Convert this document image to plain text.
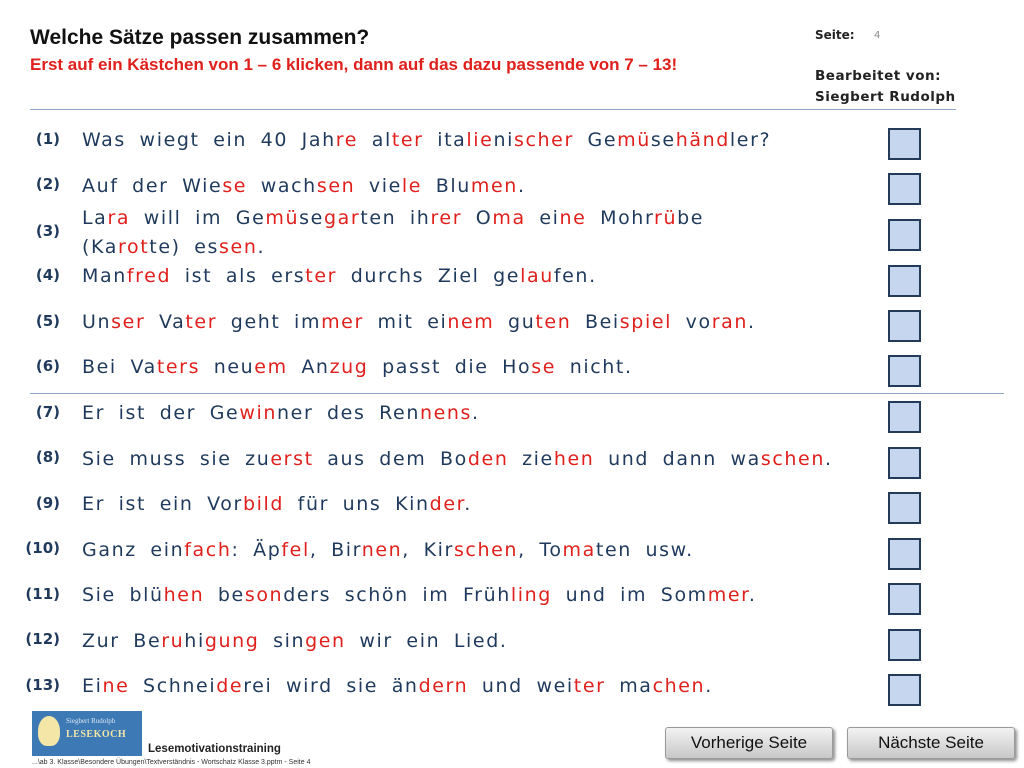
Welche Sätze passen zusammen?
Erst auf ein Kästchen von 1 – 6 klicken, dann auf das dazu passende von 7 – 13!
Seite: 4
Bearbeitet von:
Siegbert Rudolph
(1) Was wiegt ein 40 Jahre alter italienischer Gemüsehändler?
(2) Auf der Wiese wachsen viele Blumen.
(3)
Lara will im Gemüsegarten ihrer Oma eine Mohrrübe
(Karotte) essen.
(4) Manfred ist als erster durchs Ziel gelaufen.
(5) Unser Vater geht immer mit einem guten Beispiel voran.
(6) Bei Vaters neuem Anzug passt die Hose nicht.
(7) Er ist der Gewinner des Rennens.
(8) Sie muss sie zuerst aus dem Boden ziehen und dann waschen.
(9) Er ist ein Vorbild für uns Kinder.
(10) Ganz einfach: Äpfel, Birnen, Kirschen, Tomaten usw.
(11) Sie blühen besonders schön im Frühling und im Sommer.
(12) Zur Beruhigung singen wir ein Lied.
(13) Eine Schneiderei wird sie ändern und weiter machen.
Vorherige Seite	Nächste Seite
Siegbert Rudolph
LESEKOCH
Lesemotivationstraining
...\ab 3. Klasse\Besondere Übungen\Textverständnis - Wortschatz Klasse 3.pptm - Seite 4
